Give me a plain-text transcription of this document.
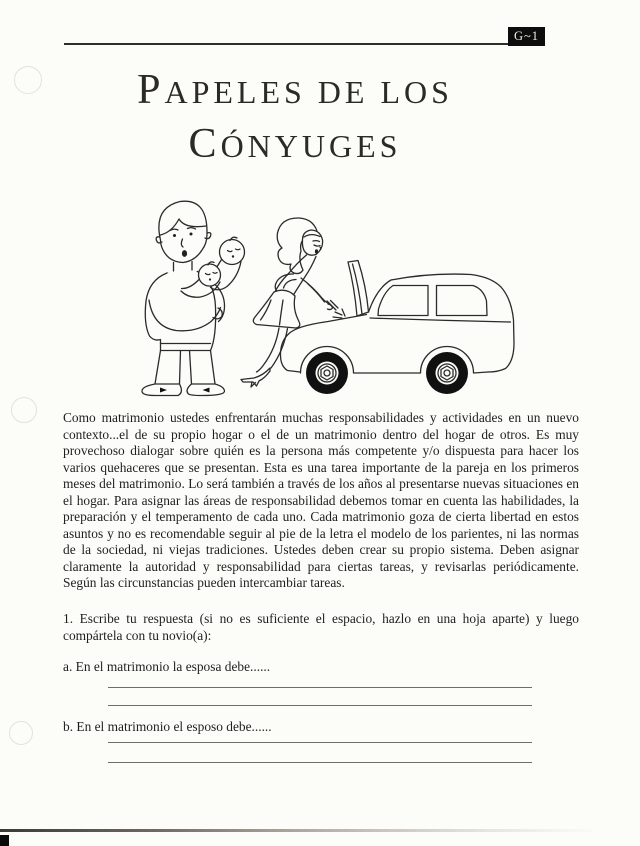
G~1
PAPELES DE LOS
CÓNYUGES
Como matrimonio ustedes enfrentarán muchas responsabilidades y actividades en un nuevo contexto...el de su propio hogar o el de un matrimonio dentro del hogar de otros. Es muy provechoso dialogar sobre quién es la persona más competente y/o dispuesta para hacer los varios quehaceres que se presentan. Esta es una tarea importante de la pareja en los primeros meses del matrimonio. Lo será también a través de los años al presentarse nuevas situaciones en el hogar. Para asignar las áreas de responsabilidad debemos tomar en cuenta las habilidades, la preparación y el temperamento de cada uno. Cada matrimonio goza de cierta libertad en estos asuntos y no es recomendable seguir al pie de la letra el modelo de los parientes, ni las normas de la sociedad, ni viejas tradiciones. Ustedes deben crear su propio sistema. Deben asignar claramente la autoridad y responsabilidad para ciertas tareas, y revisarlas periódicamente. Según las circunstancias pueden intercambiar tareas.
1. Escribe tu respuesta (si no es suficiente el espacio, hazlo en una hoja aparte) y luego compártela con tu novio(a):
a. En el matrimonio la esposa debe......
b. En el matrimonio el esposo debe......
